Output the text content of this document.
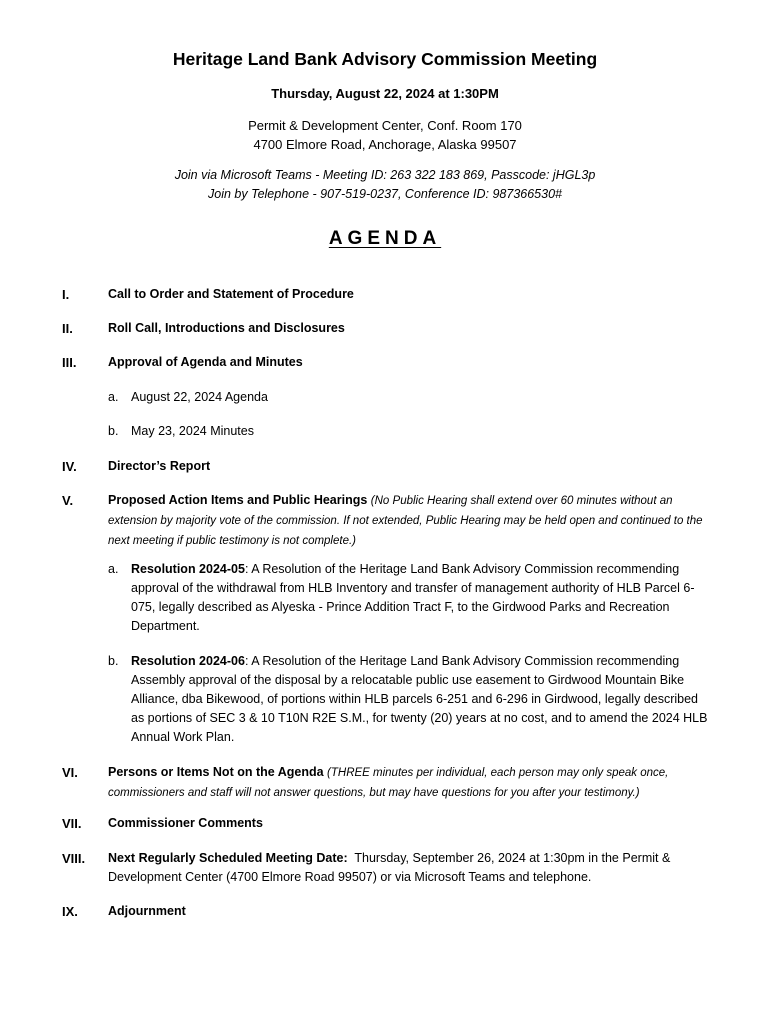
Heritage Land Bank Advisory Commission Meeting
Thursday, August 22, 2024 at 1:30PM
Permit & Development Center, Conf. Room 170
4700 Elmore Road, Anchorage, Alaska 99507
Join via Microsoft Teams - Meeting ID: 263 322 183 869, Passcode: jHGL3p
Join by Telephone - 907-519-0237, Conference ID: 987366530#
AGENDA
I.	Call to Order and Statement of Procedure
II.	Roll Call, Introductions and Disclosures
III.	Approval of Agenda and Minutes
a. August 22, 2024 Agenda
b. May 23, 2024 Minutes
IV.	Director’s Report
V.	Proposed Action Items and Public Hearings (No Public Hearing shall extend over 60 minutes without an extension by majority vote of the commission. If not extended, Public Hearing may be held open and continued to the next meeting if public testimony is not complete.)
a. Resolution 2024-05: A Resolution of the Heritage Land Bank Advisory Commission recommending approval of the withdrawal from HLB Inventory and transfer of management authority of HLB Parcel 6-075, legally described as Alyeska - Prince Addition Tract F, to the Girdwood Parks and Recreation Department.
b. Resolution 2024-06: A Resolution of the Heritage Land Bank Advisory Commission recommending Assembly approval of the disposal by a relocatable public use easement to Girdwood Mountain Bike Alliance, dba Bikewood, of portions within HLB parcels 6-251 and 6-296 in Girdwood, legally described as portions of SEC 3 & 10 T10N R2E S.M., for twenty (20) years at no cost, and to amend the 2024 HLB Annual Work Plan.
VI. Persons or Items Not on the Agenda (THREE minutes per individual, each person may only speak once, commissioners and staff will not answer questions, but may have questions for you after your testimony.)
VII. Commissioner Comments
VIII. Next Regularly Scheduled Meeting Date: Thursday, September 26, 2024 at 1:30pm in the Permit & Development Center (4700 Elmore Road 99507) or via Microsoft Teams and telephone.
IX. Adjournment
